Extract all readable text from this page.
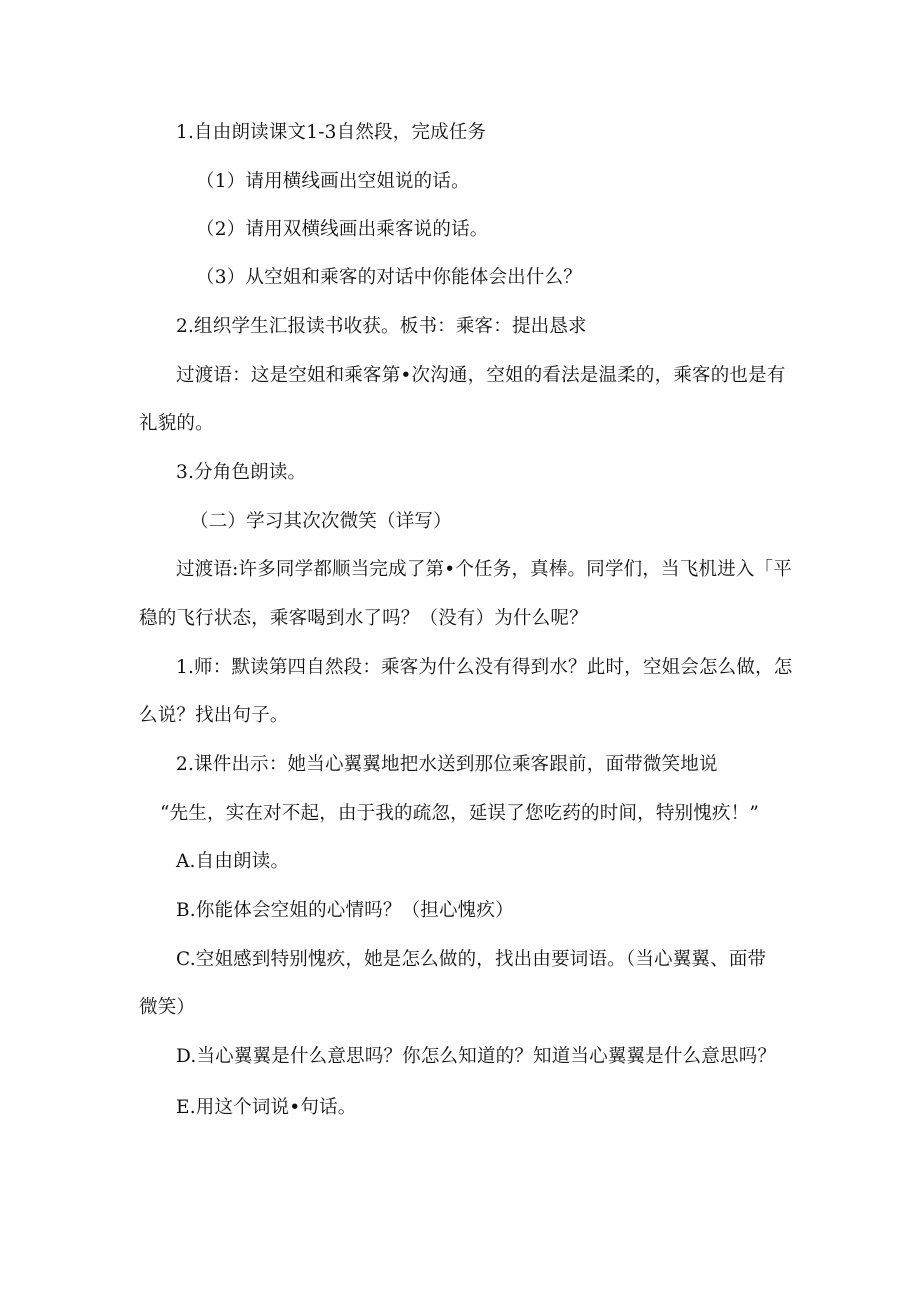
1.自由朗读课文1-3自然段，完成任务
（1）请用横线画出空姐说的话。
（2）请用双横线画出乘客说的话。
（3）从空姐和乘客的对话中你能体会出什么？
2.组织学生汇报读书收获。板书：乘客：提出恳求
过渡语：这是空姐和乘客第•次沟通，空姐的看法是温柔的，乘客的也是有
礼貌的。
3.分角色朗读。
（二）学习其次次微笑（详写）
过渡语:许多同学都顺当完成了第•个任务，真棒。同学们，当飞机进入「平
稳的飞行状态，乘客喝到水了吗？（没有）为什么呢？
1.师：默读第四自然段：乘客为什么没有得到水？此时，空姐会怎么做，怎
么说？找出句子。
2.课件出示：她当心翼翼地把水送到那位乘客跟前，面带微笑地说
“先生，实在对不起，由于我的疏忽，延误了您吃药的时间，特别愧疚！”
A.自由朗读。
B.你能体会空姐的心情吗？（担心愧疚）
C.空姐感到特别愧疚，她是怎么做的，找出由要词语。（当心翼翼、面带
微笑）
D.当心翼翼是什么意思吗？你怎么知道的？知道当心翼翼是什么意思吗？
E.用这个词说•句话。
